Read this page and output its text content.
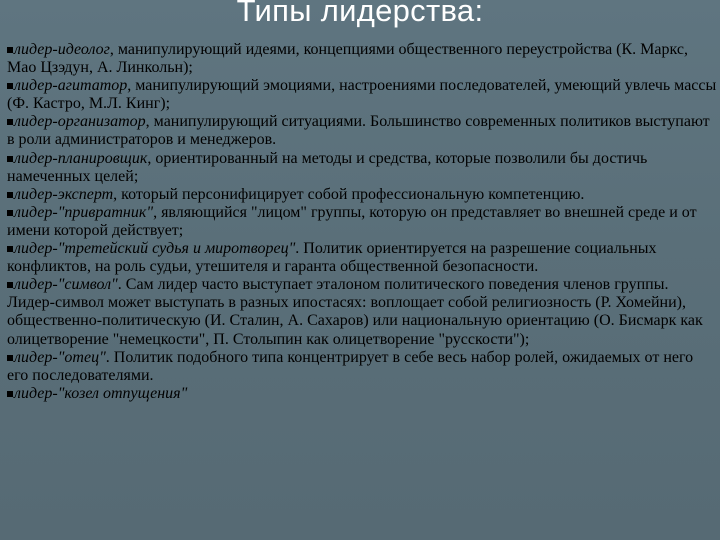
Типы лидерства:

лидер-идеолог, манипулирующий идеями, концепциями общественного переустройства (К. Маркс, Мао Цзэдун, А. Линкольн);

лидер-агитатор, манипулирующий эмоциями, настроениями последователей, умеющий увлечь массы (Ф. Кастро, М.Л. Кинг);

лидер-организатор, манипулирующий ситуациями. Большинство современных политиков выступают в роли администраторов и менеджеров.

лидер-планировщик, ориентированный на методы и средства, которые позволили бы достичь намеченных целей;

лидер-эксперт, который персонифицирует собой профессиональную компетенцию.

лидер-"привратник", являющийся "лицом" группы, которую он представляет во внешней среде и от имени которой действует;

лидер-"третейский судья и миротворец". Политик ориентируется на разрешение социальных конфликтов, на роль судьи, утешителя и гаранта общественной безопасности.

лидер-"символ". Сам лидер часто выступает эталоном политического поведения членов группы. Лидер-символ может выступать в разных ипостасях: воплощает собой религиозность (Р. Хомейни), общественно-политическую (И. Сталин, А. Сахаров) или национальную ориентацию (О. Бисмарк как олицетворение "немецкости", П. Столыпин как олицетворение "русскости");

лидер-"отец". Политик подобного типа концентрирует в себе весь набор ролей, ожидаемых от него его последователями.

лидер-"козел отпущения"
